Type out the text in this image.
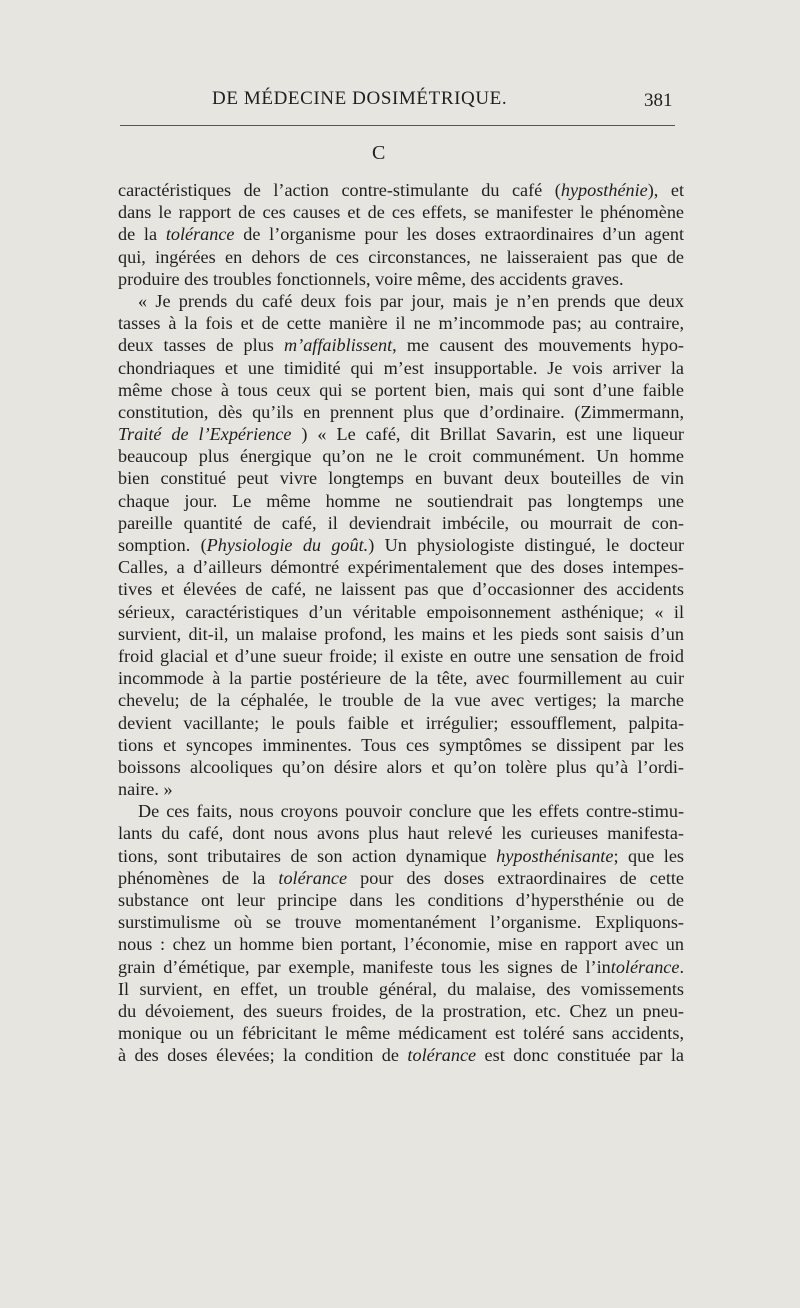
DE MÉDECINE DOSIMÉTRIQUE.	381
C
caractéristiques de l’action contre-stimulante du café (hyposthénie), et
dans le rapport de ces causes et de ces effets, se manifester le phénomène
de la tolérance de l’organisme pour les doses extraordinaires d’un agent
qui, ingérées en dehors de ces circonstances, ne laisseraient pas que de
produire des troubles fonctionnels, voire même, des accidents graves.
« Je prends du café deux fois par jour, mais je n’en prends que deux
tasses à la fois et de cette manière il ne m’incommode pas; au contraire,
deux tasses de plus m’affaiblissent, me causent des mouvements hypo-
chondriaques et une timidité qui m’est insupportable. Je vois arriver la
même chose à tous ceux qui se portent bien, mais qui sont d’une faible
constitution, dès qu’ils en prennent plus que d’ordinaire. (Zimmermann,
Traité de l’Expérience ) « Le café, dit Brillat Savarin, est une liqueur
beaucoup plus énergique qu’on ne le croit communément. Un homme
bien constitué peut vivre longtemps en buvant deux bouteilles de vin
chaque jour. Le même homme ne soutiendrait pas longtemps une
pareille quantité de café, il deviendrait imbécile, ou mourrait de con-
somption. (Physiologie du goût.) Un physiologiste distingué, le docteur
Calles, a d’ailleurs démontré expérimentalement que des doses intempes-
tives et élevées de café, ne laissent pas que d’occasionner des accidents
sérieux, caractéristiques d’un véritable empoisonnement asthénique; « il
survient, dit-il, un malaise profond, les mains et les pieds sont saisis d’un
froid glacial et d’une sueur froide; il existe en outre une sensation de froid
incommode à la partie postérieure de la tête, avec fourmillement au cuir
chevelu; de la céphalée, le trouble de la vue avec vertiges; la marche
devient vacillante; le pouls faible et irrégulier; essoufflement, palpita-
tions et syncopes imminentes. Tous ces symptômes se dissipent par les
boissons alcooliques qu’on désire alors et qu’on tolère plus qu’à l’ordi-
naire. »
De ces faits, nous croyons pouvoir conclure que les effets contre-stimu-
lants du café, dont nous avons plus haut relevé les curieuses manifesta-
tions, sont tributaires de son action dynamique hyposthénisante; que les
phénomènes de la tolérance pour des doses extraordinaires de cette
substance ont leur principe dans les conditions d’hypersthénie ou de
surstimulisme où se trouve momentanément l’organisme. Expliquons-
nous : chez un homme bien portant, l’économie, mise en rapport avec un
grain d’émétique, par exemple, manifeste tous les signes de l’intolérance.
Il survient, en effet, un trouble général, du malaise, des vomissements
du dévoiement, des sueurs froides, de la prostration, etc. Chez un pneu-
monique ou un fébricitant le même médicament est toléré sans accidents,
à des doses élevées; la condition de tolérance est donc constituée par la
